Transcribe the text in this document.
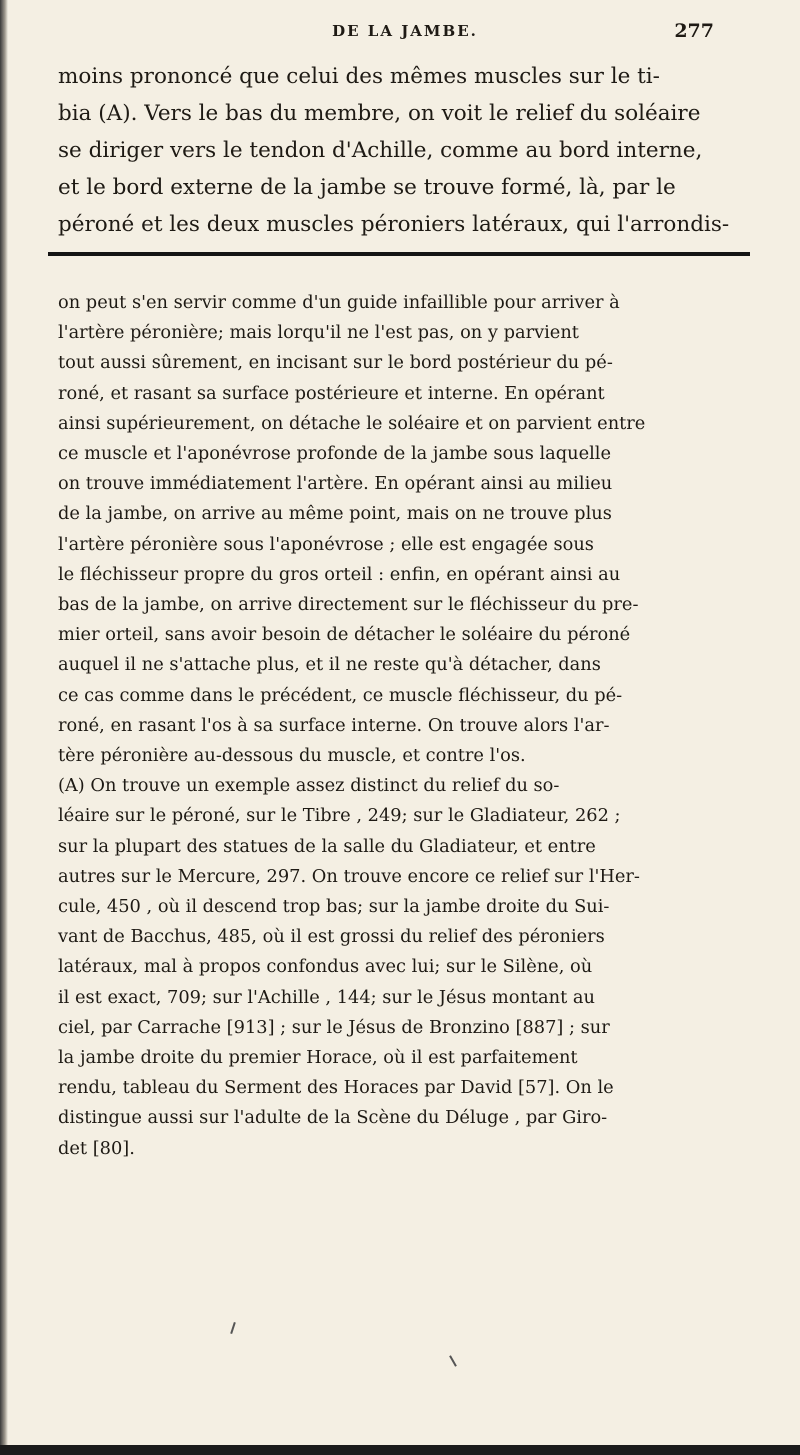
DE LA JAMBE.	277
moins prononcé que celui des mêmes muscles sur le ti-
bia (A). Vers le bas du membre, on voit le relief du soléaire
se diriger vers le tendon d'Achille, comme au bord interne,
et le bord externe de la jambe se trouve formé, là, par le
péroné et les deux muscles péroniers latéraux, qui l'arrondis-
on peut s'en servir comme d'un guide infaillible pour arriver à
l'artère péronière; mais lorqu'il ne l'est pas, on y parvient
tout aussi sûrement, en incisant sur le bord postérieur du pé-
roné, et rasant sa surface postérieure et interne. En opérant
ainsi supérieurement, on détache le soléaire et on parvient entre
ce muscle et l'aponévrose profonde de la jambe sous laquelle
on trouve immédiatement l'artère. En opérant ainsi au milieu
de la jambe, on arrive au même point, mais on ne trouve plus
l'artère péronière sous l'aponévrose ; elle est engagée sous
le fléchisseur propre du gros orteil : enfin, en opérant ainsi au
bas de la jambe, on arrive directement sur le fléchisseur du pre-
mier orteil, sans avoir besoin de détacher le soléaire du péroné
auquel il ne s'attache plus, et il ne reste qu'à détacher, dans
ce cas comme dans le précédent, ce muscle fléchisseur, du pé-
roné, en rasant l'os à sa surface interne. On trouve alors l'ar-
tère péronière au-dessous du muscle, et contre l'os.
(A) On trouve un exemple assez distinct du relief du so-
léaire sur le péroné, sur le Tibre , 249; sur le Gladiateur, 262 ;
sur la plupart des statues de la salle du Gladiateur, et entre
autres sur le Mercure, 297. On trouve encore ce relief sur l'Her-
cule, 450 , où il descend trop bas; sur la jambe droite du Sui-
vant de Bacchus, 485, où il est grossi du relief des péroniers
latéraux, mal à propos confondus avec lui; sur le Silène, où
il est exact, 709; sur l'Achille , 144; sur le Jésus montant au
ciel, par Carrache [913] ; sur le Jésus de Bronzino [887] ; sur
la jambe droite du premier Horace, où il est parfaitement
rendu, tableau du Serment des Horaces par David [57]. On le
distingue aussi sur l'adulte de la Scène du Déluge , par Giro-
det [80].
